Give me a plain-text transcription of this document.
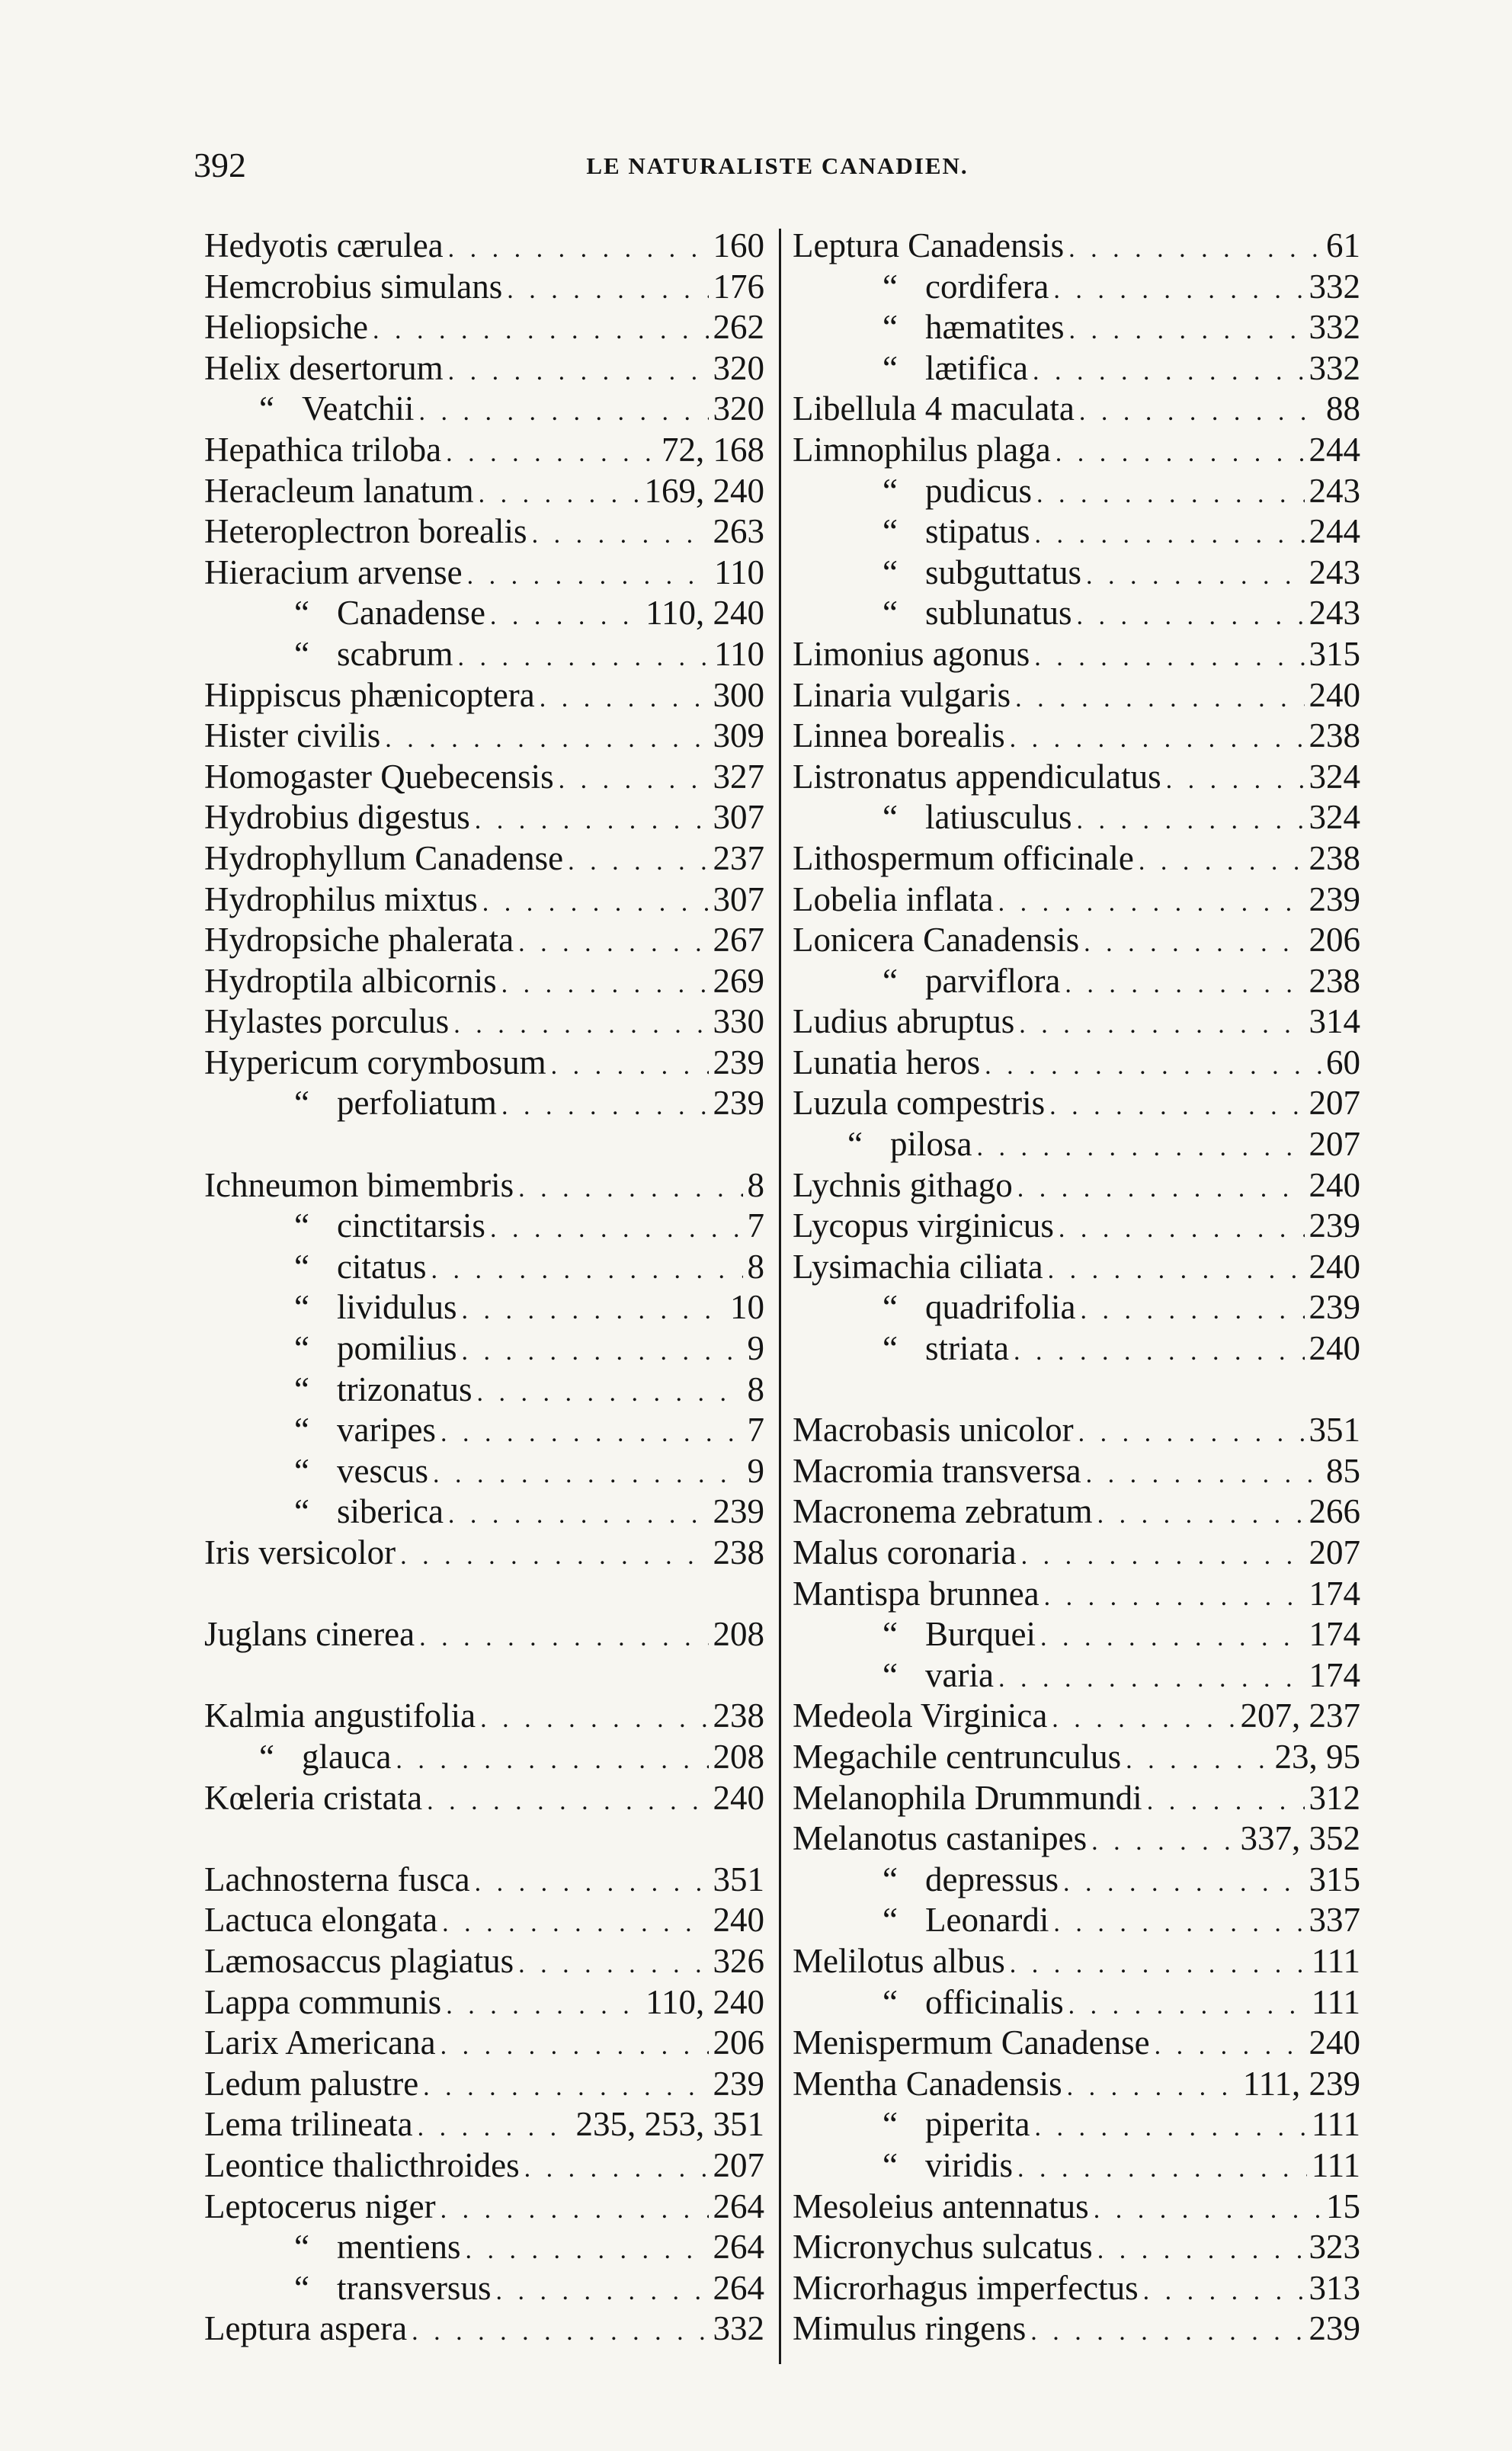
392	LE NATURALISTE CANADIEN.
Hedyotis cærulea . . .	160
Hemcrobius simulans . . .	176
Heliopsiche . . .	262
Helix desertorum . . .	320
“ Veatchii . . .	320
Hepathica triloba . . .	72, 168
Heracleum lanatum . . .	169, 240
Heteroplectron borealis . . .	263
Hieracium arvense . . .	110
“ Canadense . . .	110, 240
“ scabrum . . .	110
Hippiscus phænicoptera . . .	300
Hister civilis . . .	309
Homogaster Quebecensis . . .	327
Hydrobius digestus . . .	307
Hydrophyllum Canadense . . .	237
Hydrophilus mixtus . . .	307
Hydropsiche phalerata . . .	267
Hydroptila albicornis . . .	269
Hylastes porculus . . .	330
Hypericum corymbosum . . .	239
“ perfoliatum . . .	239
Ichneumon bimembris . . .	8
“ cinctitarsis . . .	7
“ citatus . . .	8
“ lividulus . . .	10
“ pomilius . . .	9
“ trizonatus . . .	8
“ varipes . . .	7
“ vescus . . .	9
“ siberica . . .	239
Iris versicolor . . .	238
Juglans cinerea . . .	208
Kalmia angustifolia . . .	238
“ glauca . . .	208
Kœleria cristata . . .	240
Lachnosterna fusca . . .	351
Lactuca elongata . . .	240
Læmosaccus plagiatus . . .	326
Lappa communis . . .	110, 240
Larix Americana . . .	206
Ledum palustre . . .	239
Lema trilineata . . .	235, 253, 351
Leontice thalicthroides . . .	207
Leptocerus niger . . .	264
“ mentiens . . .	264
“ transversus . . .	264
Leptura aspera . . .	332
Leptura Canadensis . . .	61
“ cordifera . . .	332
“ hæmatites . . .	332
“ lætifica . . .	332
Libellula 4 maculata . . .	88
Limnophilus plaga . . .	244
“ pudicus . . .	243
“ stipatus . . .	244
“ subguttatus . . .	243
“ sublunatus . . .	243
Limonius agonus . . .	315
Linaria vulgaris . . .	240
Linnea borealis . . .	238
Listronatus appendiculatus . . .	324
“ latiusculus . . .	324
Lithospermum officinale . . .	238
Lobelia inflata . . .	239
Lonicera Canadensis . . .	206
“ parviflora . . .	238
Ludius abruptus . . .	314
Lunatia heros . . .	60
Luzula compestris . . .	207
“ pilosa . . .	207
Lychnis githago . . .	240
Lycopus virginicus . . .	239
Lysimachia ciliata . . .	240
“ quadrifolia . . .	239
“ striata . . .	240
Macrobasis unicolor . . .	351
Macromia transversa . . .	85
Macronema zebratum . . .	266
Malus coronaria . . .	207
Mantispa brunnea . . .	174
“ Burquei . . .	174
“ varia . . .	174
Medeola Virginica . . .	207, 237
Megachile centrunculus . . .	23, 95
Melanophila Drummundi . . .	312
Melanotus castanipes . . .	337, 352
“ depressus . . .	315
“ Leonardi . . .	337
Melilotus albus . . .	111
“ officinalis . . .	111
Menispermum Canadense . . .	240
Mentha Canadensis . . .	111, 239
“ piperita . . .	111
“ viridis . . .	111
Mesoleius antennatus . . .	15
Micronychus sulcatus . . .	323
Microrhagus imperfectus . . .	313
Mimulus ringens . . .	239
